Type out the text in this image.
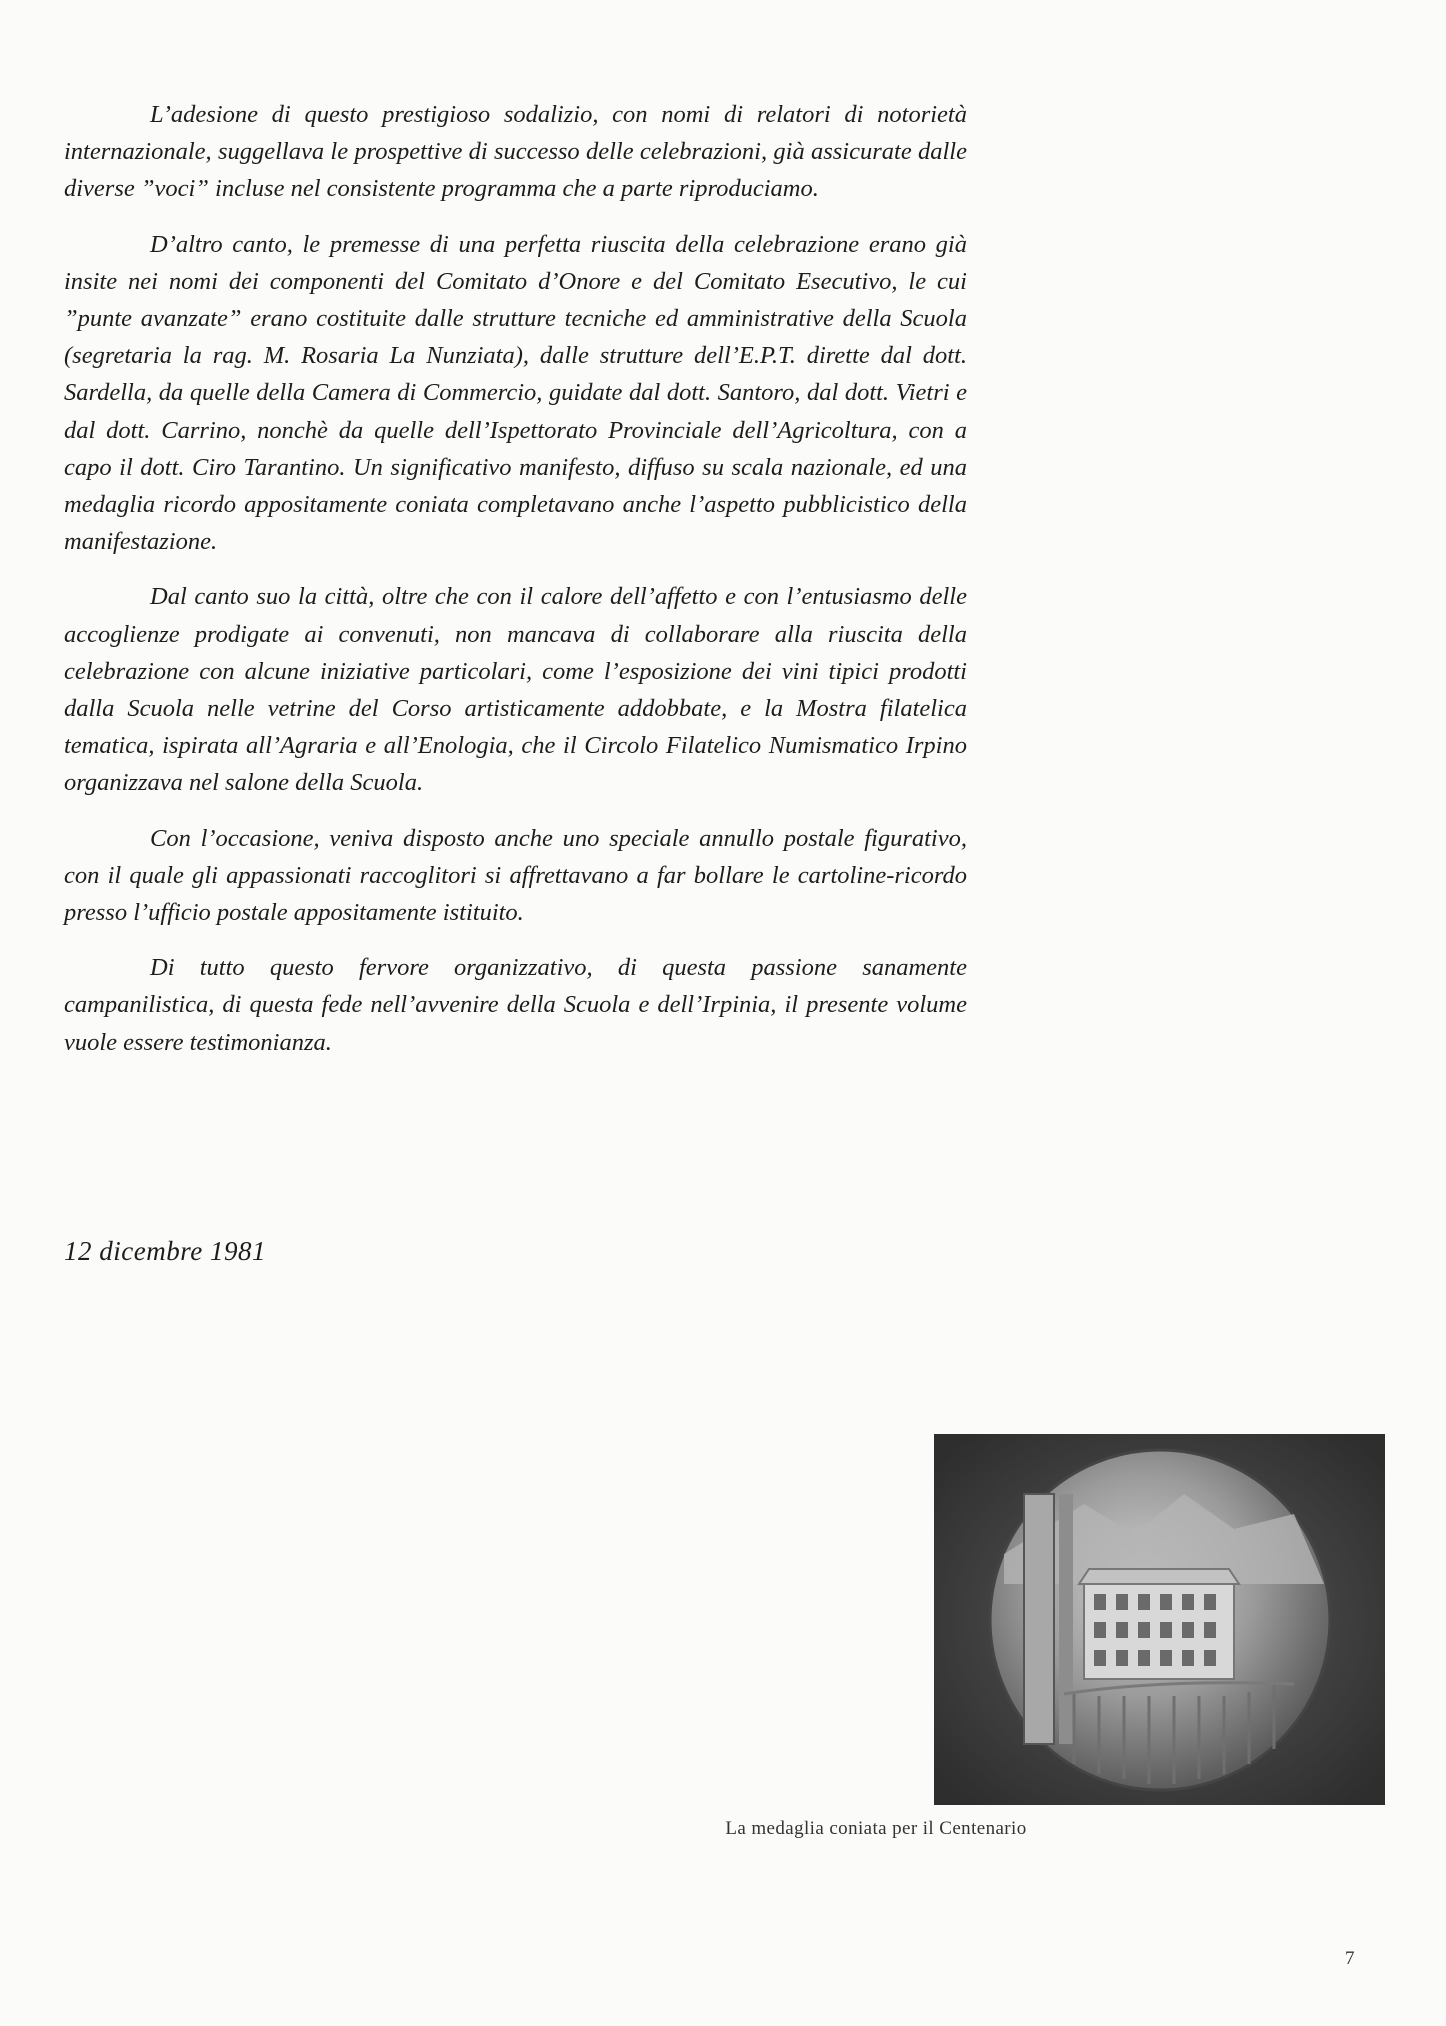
L’adesione di questo prestigioso sodalizio, con nomi di relatori di notorietà internazionale, suggellava le prospettive di successo delle celebrazioni, già assicurate dalle diverse ”voci” incluse nel consistente programma che a parte riproduciamo.

D’altro canto, le premesse di una perfetta riuscita della celebrazione erano già insite nei nomi dei componenti del Comitato d’Onore e del Comitato Esecutivo, le cui ”punte avanzate” erano costituite dalle strutture tecniche ed amministrative della Scuola (segretaria la rag. M. Rosaria La Nunziata), dalle strutture dell’E.P.T. dirette dal dott. Sardella, da quelle della Camera di Commercio, guidate dal dott. Santoro, dal dott. Vietri e dal dott. Carrino, nonchè da quelle dell’Ispettorato Provinciale dell’Agricoltura, con a capo il dott. Ciro Tarantino. Un significativo manifesto, diffuso su scala nazionale, ed una medaglia ricordo appositamente coniata completavano anche l’aspetto pubblicistico della manifestazione.

Dal canto suo la città, oltre che con il calore dell’affetto e con l’entusiasmo delle accoglienze prodigate ai convenuti, non mancava di collaborare alla riuscita della celebrazione con alcune iniziative particolari, come l’esposizione dei vini tipici prodotti dalla Scuola nelle vetrine del Corso artisticamente addobbate, e la Mostra filatelica tematica, ispirata all’Agraria e all’Enologia, che il Circolo Filatelico Numismatico Irpino organizzava nel salone della Scuola.

Con l’occasione, veniva disposto anche uno speciale annullo postale figurativo, con il quale gli appassionati raccoglitori si affrettavano a far bollare le cartoline-ricordo presso l’ufficio postale appositamente istituito.

Di tutto questo fervore organizzativo, di questa passione sanamente campanilistica, di questa fede nell’avvenire della Scuola e dell’Irpinia, il presente volume vuole essere testimonianza.

12 dicembre 1981
La medaglia coniata per il Centenario
7
